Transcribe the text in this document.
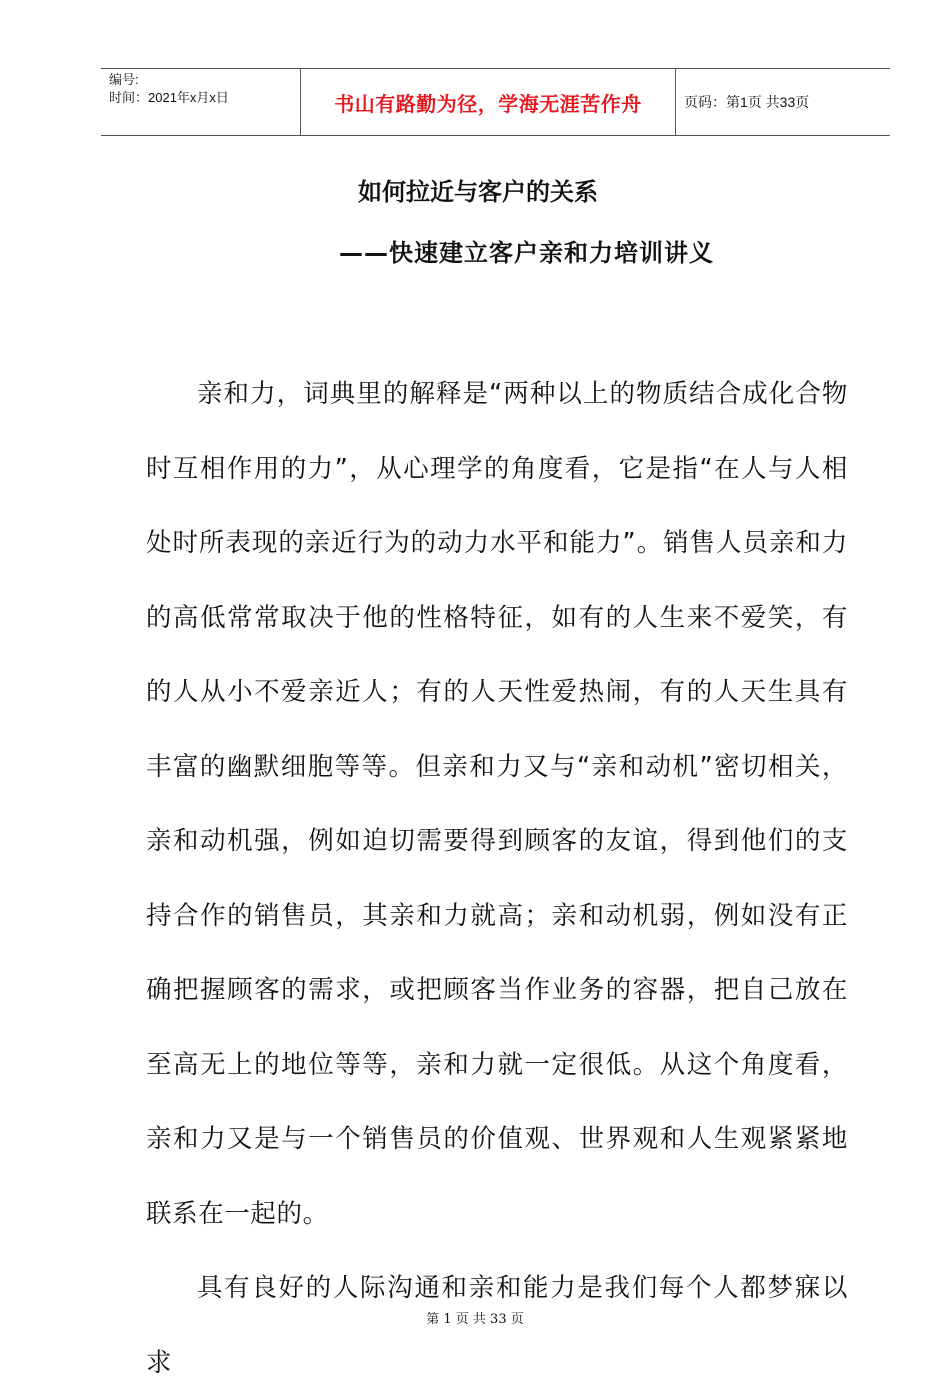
编号:
时间：2021年x月x日	书山有路勤为径，学海无涯苦作舟	页码：第1页 共33页
如何拉近与客户的关系
——快速建立客户亲和力培训讲义

亲和力，词典里的解释是“两种以上的物质结合成化合物时互相作用的力”，从心理学的角度看，它是指“在人与人相处时所表现的亲近行为的动力水平和能力”。销售人员亲和力的高低常常取决于他的性格特征，如有的人生来不爱笑，有的人从小不爱亲近人；有的人天性爱热闹，有的人天生具有丰富的幽默细胞等等。但亲和力又与“亲和动机”密切相关，亲和动机强，例如迫切需要得到顾客的友谊，得到他们的支持合作的销售员，其亲和力就高；亲和动机弱，例如没有正确把握顾客的需求，或把顾客当作业务的容器，把自己放在至高无上的地位等等，亲和力就一定很低。从这个角度看，亲和力又是与一个销售员的价值观、世界观和人生观紧紧地联系在一起的。

具有良好的人际沟通和亲和能力是我们每个人都梦寐以求

第 1 页 共 33 页
